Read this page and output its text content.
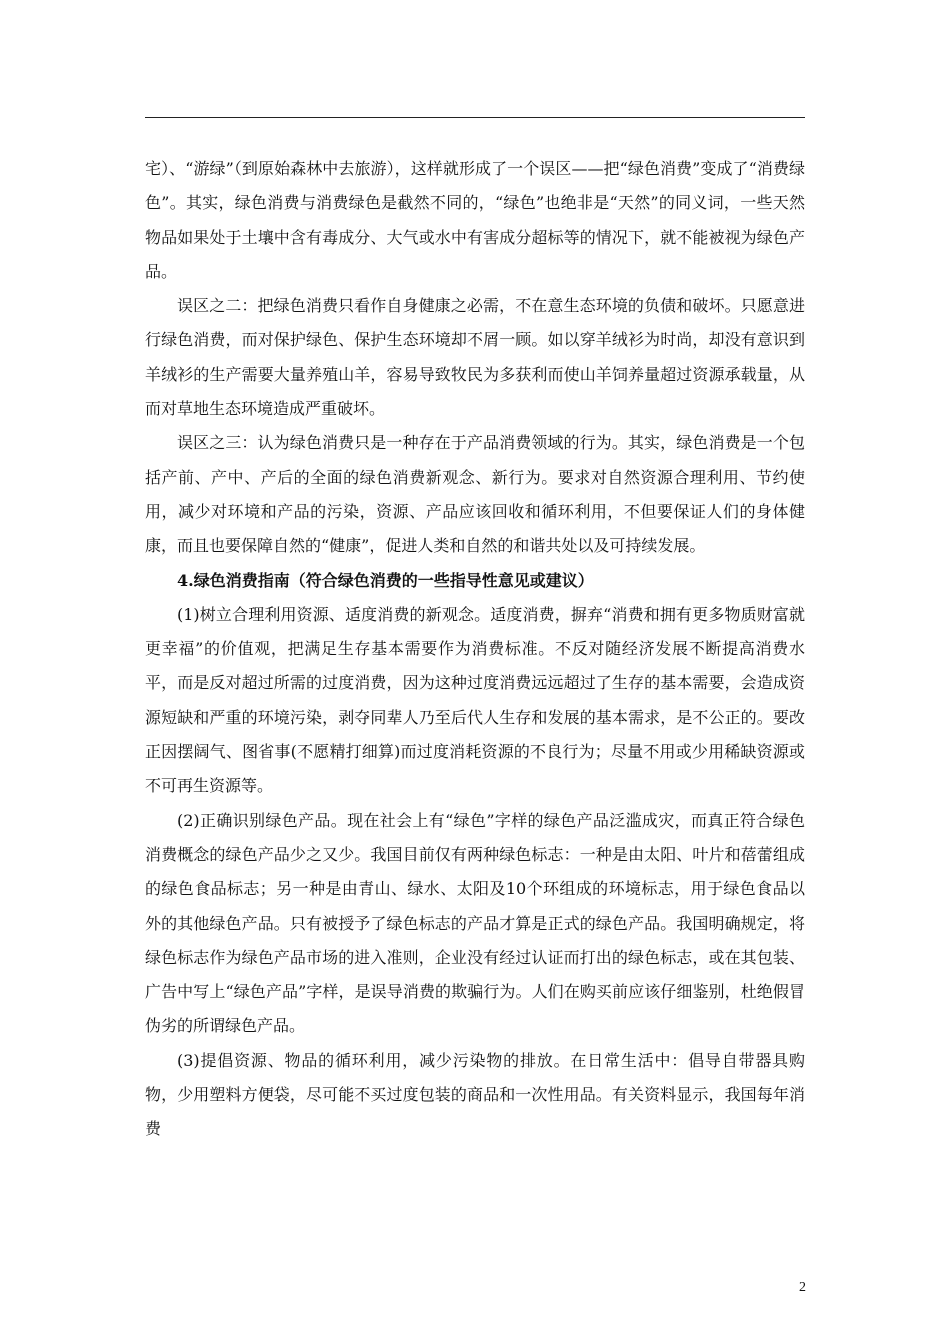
宅）、“游绿”（到原始森林中去旅游），这样就形成了一个误区——把“绿色消费”变成了“消费绿色”。其实，绿色消费与消费绿色是截然不同的，“绿色”也绝非是“天然”的同义词，一些天然物品如果处于土壤中含有毒成分、大气或水中有害成分超标等的情况下，就不能被视为绿色产品。

误区之二：把绿色消费只看作自身健康之必需，不在意生态环境的负债和破坏。只愿意进行绿色消费，而对保护绿色、保护生态环境却不屑一顾。如以穿羊绒衫为时尚，却没有意识到羊绒衫的生产需要大量养殖山羊，容易导致牧民为多获利而使山羊饲养量超过资源承载量，从而对草地生态环境造成严重破坏。

误区之三：认为绿色消费只是一种存在于产品消费领域的行为。其实，绿色消费是一个包括产前、产中、产后的全面的绿色消费新观念、新行为。要求对自然资源合理利用、节约使用，减少对环境和产品的污染，资源、产品应该回收和循环利用，不但要保证人们的身体健康，而且也要保障自然的“健康”，促进人类和自然的和谐共处以及可持续发展。

4.绿色消费指南（符合绿色消费的一些指导性意见或建议）

(1)树立合理利用资源、适度消费的新观念。适度消费，摒弃“消费和拥有更多物质财富就更幸福”的价值观，把满足生存基本需要作为消费标准。不反对随经济发展不断提高消费水平，而是反对超过所需的过度消费，因为这种过度消费远远超过了生存的基本需要，会造成资源短缺和严重的环境污染，剥夺同辈人乃至后代人生存和发展的基本需求，是不公正的。要改正因摆阔气、图省事(不愿精打细算)而过度消耗资源的不良行为；尽量不用或少用稀缺资源或不可再生资源等。

(2)正确识别绿色产品。现在社会上有“绿色”字样的绿色产品泛滥成灾，而真正符合绿色消费概念的绿色产品少之又少。我国目前仅有两种绿色标志：一种是由太阳、叶片和蓓蕾组成的绿色食品标志；另一种是由青山、绿水、太阳及10个环组成的环境标志，用于绿色食品以外的其他绿色产品。只有被授予了绿色标志的产品才算是正式的绿色产品。我国明确规定，将绿色标志作为绿色产品市场的进入准则，企业没有经过认证而打出的绿色标志，或在其包装、广告中写上“绿色产品”字样，是误导消费的欺骗行为。人们在购买前应该仔细鉴别，杜绝假冒伪劣的所谓绿色产品。

(3)提倡资源、物品的循环利用，减少污染物的排放。在日常生活中：倡导自带器具购物，少用塑料方便袋，尽可能不买过度包装的商品和一次性用品。有关资料显示，我国每年消费

2
